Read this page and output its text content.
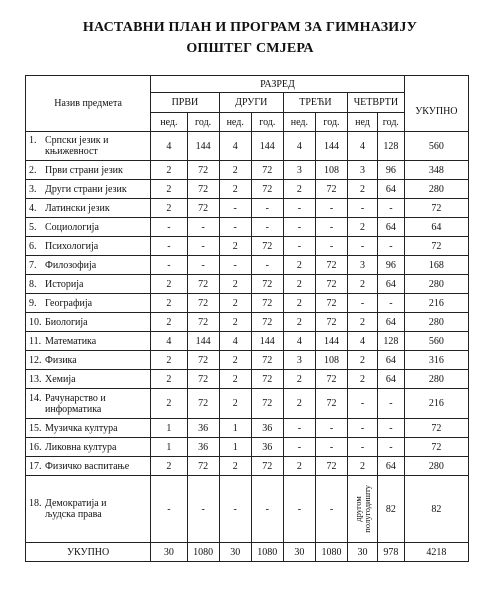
НАСТАВНИ ПЛАН И ПРОГРАМ ЗА ГИМНАЗИЈУ
ОПШТЕГ СМЈЕРА
Назив предмета	РАЗРЕД								
	ПРВИ		ДРУГИ		ТРЕЋИ		ЧЕТВРТИ		УКУПНО
	нед.	год.	нед.	год.	нед.	год.	нед	год.	
1. Српски језик и књижевност	4	144	4	144	4	144	4	128	560
2. Први страни језик	2	72	2	72	3	108	3	96	348
3. Други страни језик	2	72	2	72	2	72	2	64	280
4. Латински језик	2	72	-	-	-	-	-	-	72
5. Социологија	-	-	-	-	-	-	2	64	64
6. Психологија	-	-	2	72	-	-	-	-	72
7. Филозофија	-	-	-	-	2	72	3	96	168
8. Историја	2	72	2	72	2	72	2	64	280
9. Географија	2	72	2	72	2	72	-	-	216
10. Биологија	2	72	2	72	2	72	2	64	280
11. Математика	4	144	4	144	4	144	4	128	560
12. Физика	2	72	2	72	3	108	2	64	316
13. Хемија	2	72	2	72	2	72	2	64	280
14. Рачунарство и информатика	2	72	2	72	2	72	-	-	216
15. Музичка култура	1	36	1	36	-	-	-	-	72
16. Ликовна култура	1	36	1	36	-	-	-	-	72
17. Физичко васпитање	2	72	2	72	2	72	2	64	280
18. Демократија и људска права	-	-	-	-	-	-	другом полугодишту	82	82
УКУПНО	30	1080	30	1080	30	1080	30	978	4218
